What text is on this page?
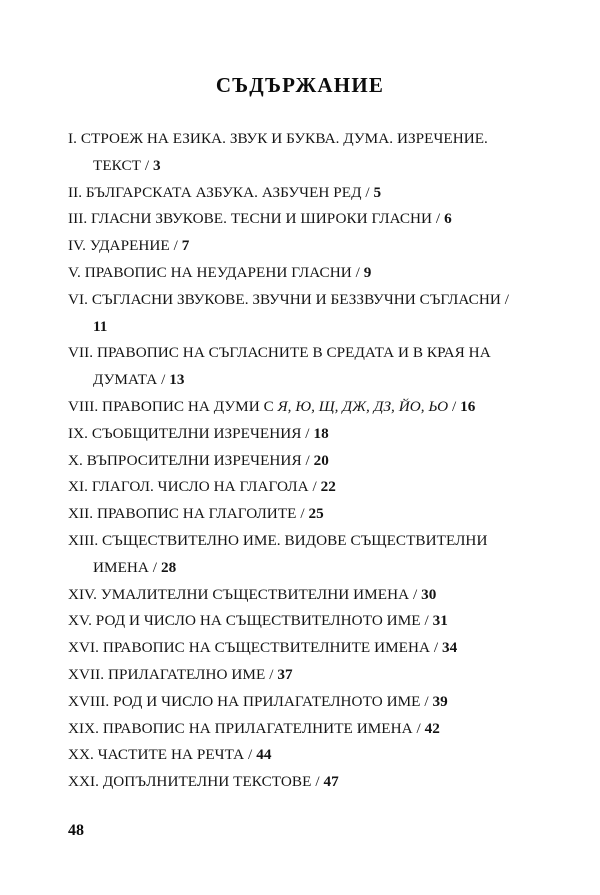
СЪДЪРЖАНИЕ
I. СТРОЕЖ НА ЕЗИКА. ЗВУК И БУКВА. ДУМА. ИЗРЕЧЕНИЕ. ТЕКСТ / 3
II. БЪЛГАРСКАТА АЗБУКА. АЗБУЧЕН РЕД / 5
III. ГЛАСНИ ЗВУКОВЕ. ТЕСНИ И ШИРОКИ ГЛАСНИ / 6
IV. УДАРЕНИЕ / 7
V. ПРАВОПИС НА НЕУДАРЕНИ ГЛАСНИ / 9
VI. СЪГЛАСНИ ЗВУКОВЕ. ЗВУЧНИ И БЕЗЗВУЧНИ СЪГЛАСНИ / 11
VII. ПРАВОПИС НА СЪГЛАСНИТЕ В СРЕДАТА И В КРАЯ НА ДУМАТА / 13
VIII. ПРАВОПИС НА ДУМИ С Я, Ю, Щ, ДЖ, ДЗ, ЙО, ЬО / 16
IX. СЪОБЩИТЕЛНИ ИЗРЕЧЕНИЯ / 18
X. ВЪПРОСИТЕЛНИ ИЗРЕЧЕНИЯ / 20
XI. ГЛАГОЛ. ЧИСЛО НА ГЛАГОЛА / 22
XII. ПРАВОПИС НА ГЛАГОЛИТЕ / 25
XIII. СЪЩЕСТВИТЕЛНО ИМЕ. ВИДОВЕ СЪЩЕСТВИТЕЛНИ ИМЕНА / 28
XIV. УМАЛИТЕЛНИ СЪЩЕСТВИТЕЛНИ ИМЕНА / 30
XV. РОД И ЧИСЛО НА СЪЩЕСТВИТЕЛНОТО ИМЕ / 31
XVI. ПРАВОПИС НА СЪЩЕСТВИТЕЛНИТЕ ИМЕНА / 34
XVII. ПРИЛАГАТЕЛНО ИМЕ / 37
XVIII. РОД И ЧИСЛО НА ПРИЛАГАТЕЛНОТО ИМЕ / 39
XIX. ПРАВОПИС НА ПРИЛАГАТЕЛНИТЕ ИМЕНА / 42
XX. ЧАСТИТЕ НА РЕЧТА / 44
XXI. ДОПЪЛНИТЕЛНИ ТЕКСТОВЕ / 47
48
